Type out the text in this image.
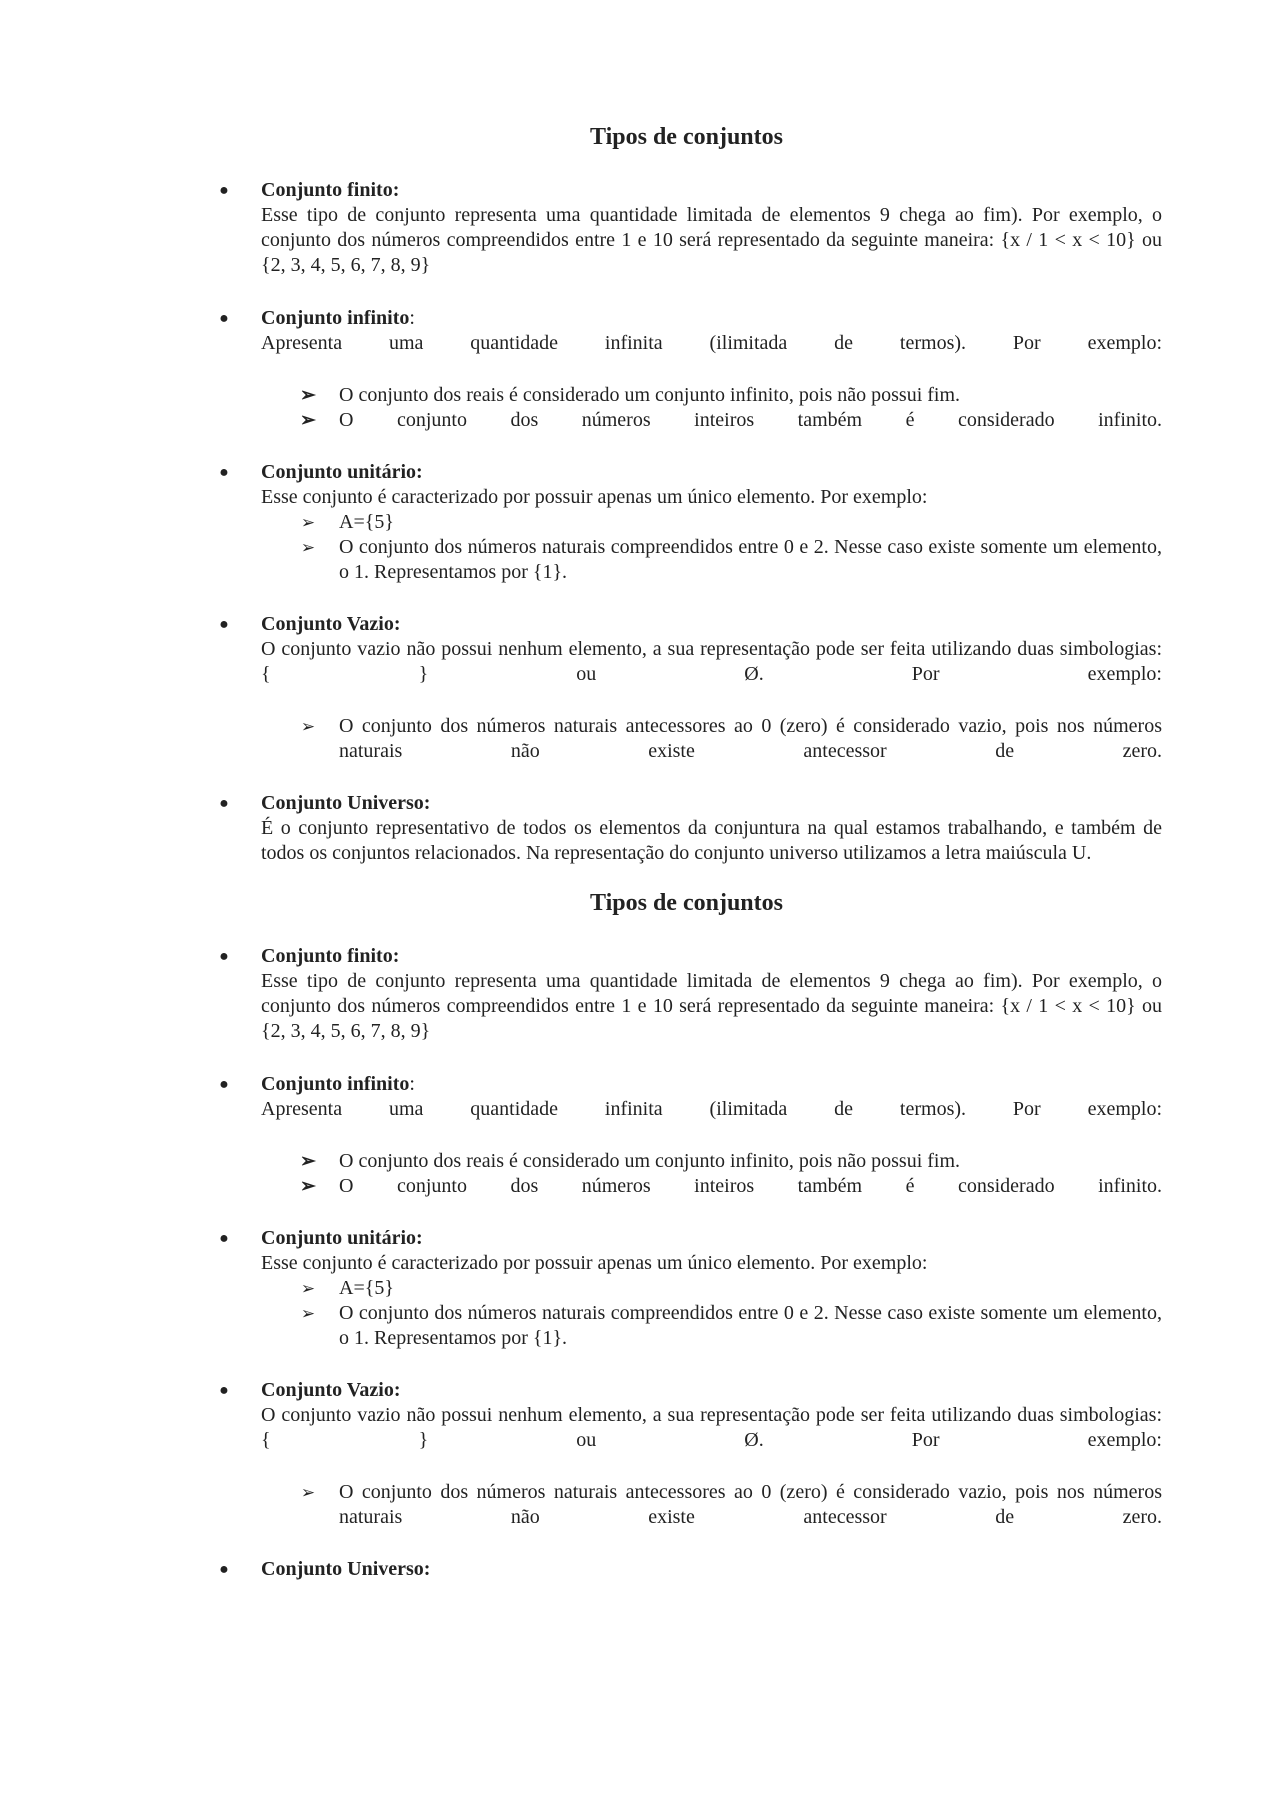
Tipos de conjuntos
● Conjunto finito:
Esse tipo de conjunto representa uma quantidade limitada de elementos 9 chega ao fim). Por exemplo, o conjunto dos números compreendidos entre 1 e 10 será representado da seguinte maneira: {x / 1 < x < 10} ou {2, 3, 4, 5, 6, 7, 8, 9}
● Conjunto infinito:
Apresenta uma quantidade infinita (ilimitada de termos). Por exemplo:
➢ O conjunto dos reais é considerado um conjunto infinito, pois não possui fim.
➢ O conjunto dos números inteiros também é considerado infinito.
● Conjunto unitário:
Esse conjunto é caracterizado por possuir apenas um único elemento. Por exemplo:
➢ A={5}
➢ O conjunto dos números naturais compreendidos entre 0 e 2. Nesse caso existe somente um elemento, o 1. Representamos por {1}.
● Conjunto Vazio:
O conjunto vazio não possui nenhum elemento, a sua representação pode ser feita utilizando duas simbologias: { } ou Ø. Por exemplo:
➢ O conjunto dos números naturais antecessores ao 0 (zero) é considerado vazio, pois nos números naturais não existe antecessor de zero.
● Conjunto Universo:
É o conjunto representativo de todos os elementos da conjuntura na qual estamos trabalhando, e também de todos os conjuntos relacionados. Na representação do conjunto universo utilizamos a letra maiúscula U.
Tipos de conjuntos
● Conjunto finito:
Esse tipo de conjunto representa uma quantidade limitada de elementos 9 chega ao fim). Por exemplo, o conjunto dos números compreendidos entre 1 e 10 será representado da seguinte maneira: {x / 1 < x < 10} ou {2, 3, 4, 5, 6, 7, 8, 9}
● Conjunto infinito:
Apresenta uma quantidade infinita (ilimitada de termos). Por exemplo:
➢ O conjunto dos reais é considerado um conjunto infinito, pois não possui fim.
➢ O conjunto dos números inteiros também é considerado infinito.
● Conjunto unitário:
Esse conjunto é caracterizado por possuir apenas um único elemento. Por exemplo:
➢ A={5}
➢ O conjunto dos números naturais compreendidos entre 0 e 2. Nesse caso existe somente um elemento, o 1. Representamos por {1}.
● Conjunto Vazio:
O conjunto vazio não possui nenhum elemento, a sua representação pode ser feita utilizando duas simbologias: { } ou Ø. Por exemplo:
➢ O conjunto dos números naturais antecessores ao 0 (zero) é considerado vazio, pois nos números naturais não existe antecessor de zero.
● Conjunto Universo:
